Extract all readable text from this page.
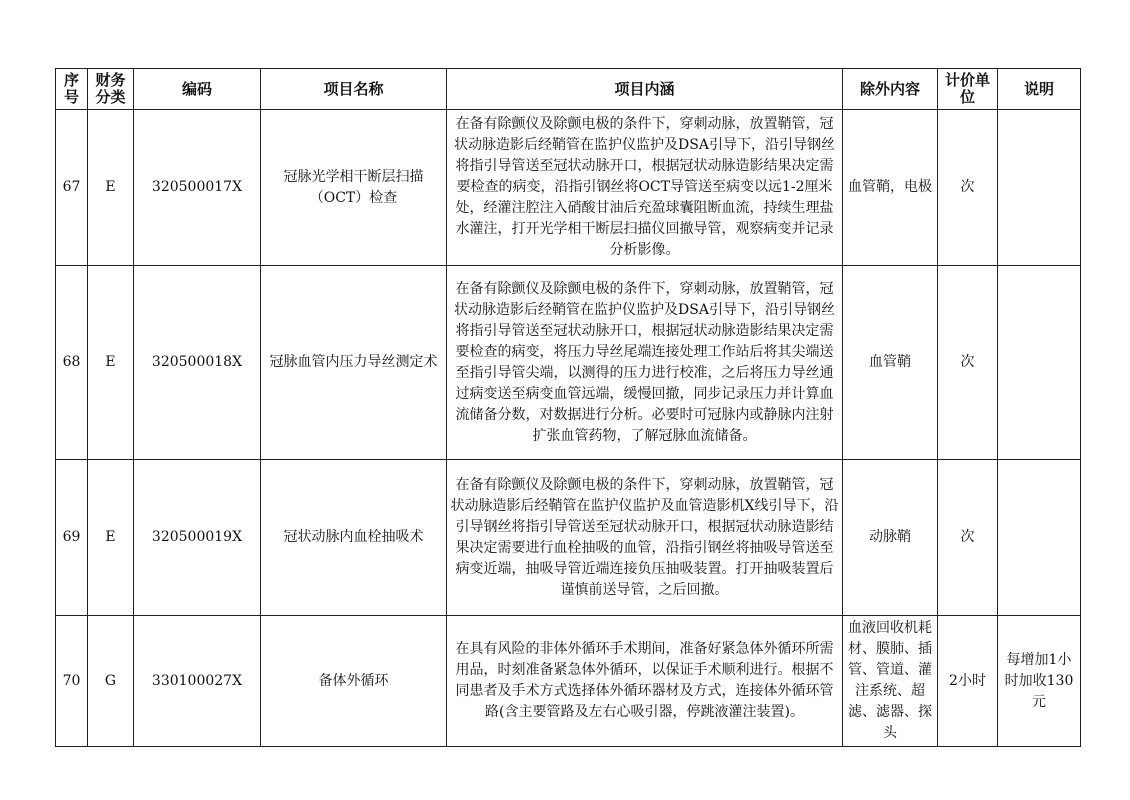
序号	财务分类	编码	项目名称	项目内涵	除外内容	计价单位	说明
67	E	320500017X	冠脉光学相干断层扫描（OCT）检查	在备有除颤仪及除颤电极的条件下，穿刺动脉，放置鞘管，冠状动脉造影后经鞘管在监护仪监护及DSA引导下，沿引导钢丝将指引导管送至冠状动脉开口，根据冠状动脉造影结果决定需要检查的病变，沿指引钢丝将OCT导管送至病变以远1-2厘米处，经灌注腔注入硝酸甘油后充盈球囊阻断血流，持续生理盐水灌注，打开光学相干断层扫描仪回撤导管，观察病变并记录分析影像。	血管鞘，电极	次	
68	E	320500018X	冠脉血管内压力导丝测定术	在备有除颤仪及除颤电极的条件下，穿刺动脉，放置鞘管，冠状动脉造影后经鞘管在监护仪监护及DSA引导下，沿引导钢丝将指引导管送至冠状动脉开口，根据冠状动脉造影结果决定需要检查的病变，将压力导丝尾端连接处理工作站后将其尖端送至指引导管尖端，以测得的压力进行校准，之后将压力导丝通过病变送至病变血管远端，缓慢回撤，同步记录压力并计算血流储备分数，对数据进行分析。必要时可冠脉内或静脉内注射扩张血管药物，了解冠脉血流储备。	血管鞘	次	
69	E	320500019X	冠状动脉内血栓抽吸术	在备有除颤仪及除颤电极的条件下，穿刺动脉，放置鞘管，冠状动脉造影后经鞘管在监护仪监护及血管造影机X线引导下，沿引导钢丝将指引导管送至冠状动脉开口，根据冠状动脉造影结果决定需要进行血栓抽吸的血管，沿指引钢丝将抽吸导管送至病变近端，抽吸导管近端连接负压抽吸装置。打开抽吸装置后谨慎前送导管，之后回撤。	动脉鞘	次	
70	G	330100027X	备体外循环	在具有风险的非体外循环手术期间，准备好紧急体外循环所需用品，时刻准备紧急体外循环，以保证手术顺利进行。根据不同患者及手术方式选择体外循环器材及方式，连接体外循环管路(含主要管路及左右心吸引器，停跳液灌注装置)。	血液回收机耗材、膜肺、插管、管道、灌注系统、超滤、滤器、探头	2小时	每增加1小时加收130元
